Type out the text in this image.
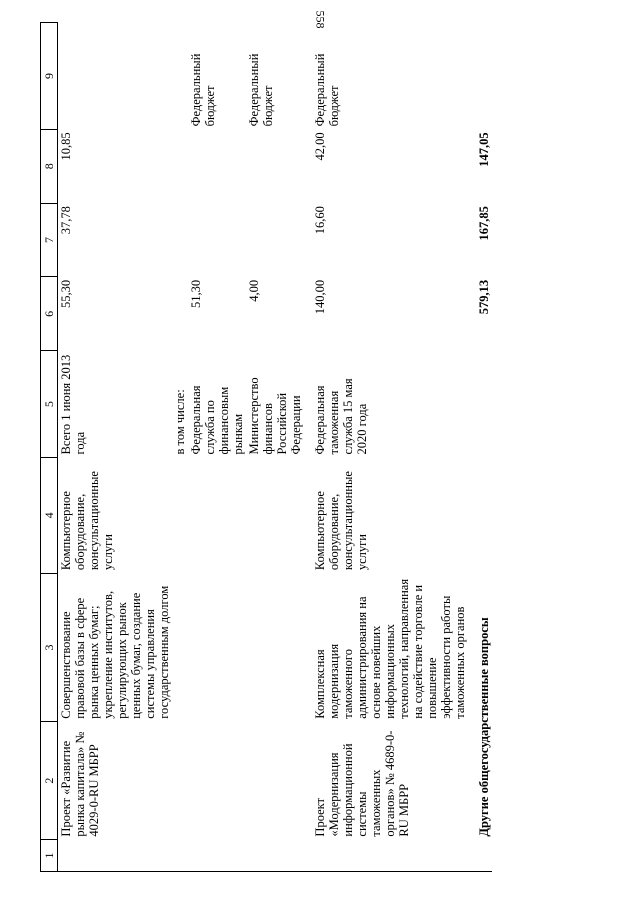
558
1	2	3	4	5	6	7	8	9
	Проект «Развитие рынка капитала» № 4029-0-RU МБРР	Совершенствование правовой базы в сфере рынка ценных бумаг; укрепление институтов, регулирующих рынок ценных бумаг, создание системы управления государственным долгом	Компьютерное оборудование, консультационные услуги	Всего 1 июня 2013 года	55,30	37,78	10,85	
				в том числе:				
				Федеральная служба по финансовым рынкам	51,30			Федеральный бюджет
				Министерство финансов Российской Федерации	4,00			Федеральный бюджет

	Проект «Модернизация информационной системы таможенных органов» № 4689-0-RU МБРР	Комплексная модернизация таможенного администрирования на основе новейших информационных технологий, направленная на содействие торговле и повышение эффективности работы таможенных органов	Компьютерное оборудование, консультационные услуги	Федеральная таможенная служба 15 мая 2020 года	140,00	16,60	42,00	Федеральный бюджет

	Другие общегосударственные вопросы				579,13	167,85	147,05	
